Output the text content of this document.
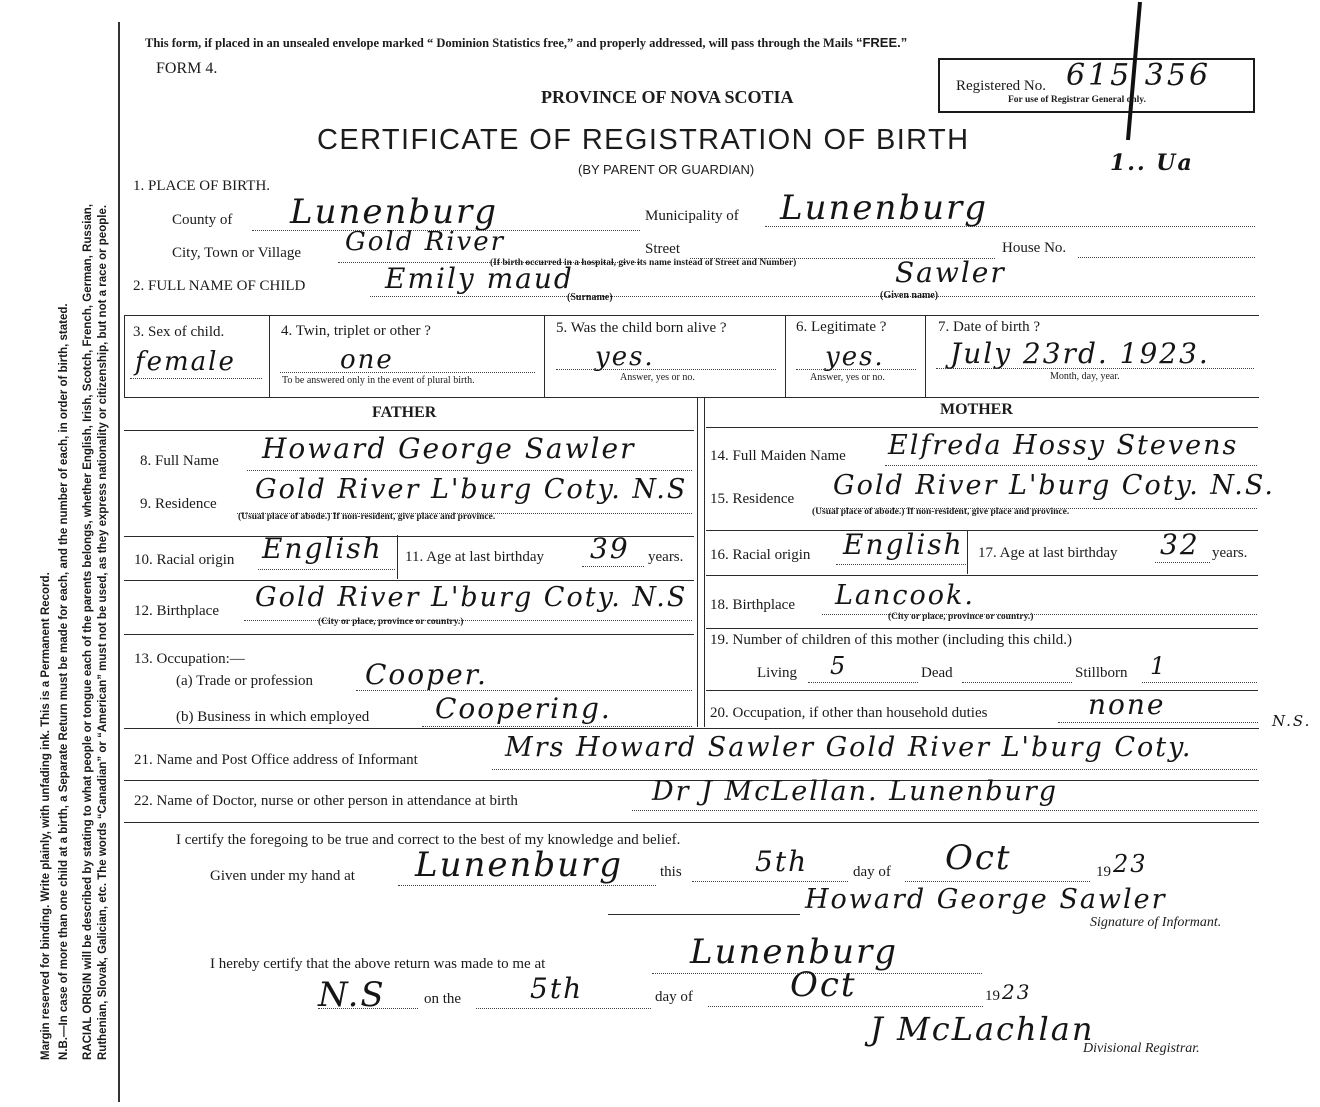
Margin reserved for binding. Write plainly, with unfading ink. This is a Permanent Record. N.B.—In case of more than one child at a birth, a Separate Return must be made for each, and the number of each, in order of birth, stated. RACIAL ORIGIN will be described by stating to what people or tongue each of the parents belongs, whether English, Irish, Scotch, French, German, Russian, Ruthenian, Slovak, Galician, etc. The words “Canadian” or “American” must not be used, as they express nationality or citizenship, but not a race or people.
This form, if placed in an unsealed envelope marked “ Dominion Statistics free,” and properly addressed, will pass through the Mails “FREE.”
FORM 4.
Registered No. 615 356
For use of Registrar General only.
1.. Ua
PROVINCE OF NOVA SCOTIA
CERTIFICATE OF REGISTRATION OF BIRTH
(BY PARENT OR GUARDIAN)
1. PLACE OF BIRTH.
County of Lunenburg	Municipality of Lunenburg
City, Town or Village Gold River	Street	House No.
(If birth occurred in a hospital, give its name instead of Street and Number)
2. FULL NAME OF CHILD	Emily maud	Sawler
(Surname)	(Given name)
3. Sex of child.
female
4. Twin, triplet or other ?
one
To be answered only in the event of plural birth.
5. Was the child born alive ?
yes.
Answer, yes or no.
6. Legitimate ?
yes.
Answer, yes or no.
7. Date of birth ?
July 23rd. 1923.
Month, day, year.
FATHER	MOTHER
8. Full Name Howard George Sawler
9. Residence Gold River L'burg Coty. N.S
(Usual place of abode.) If non-resident, give place and province.
10. Racial origin English 11. Age at last birthday 39 years.
12. Birthplace Gold River L'burg Coty. N.S
(City or place, province or country.)
13. Occupation:—
(a) Trade or profession Cooper.
(b) Business in which employed Coopering.
14. Full Maiden Name Elfreda Hossy Stevens
15. Residence Gold River L'burg Coty. N.S.
(Usual place of abode.) If non-resident, give place and province.
16. Racial origin English 17. Age at last birthday 32 years.
18. Birthplace Lancook.
(City or place, province or country.)
19. Number of children of this mother (including this child.)
Living 5	Dead	Stillborn 1
20. Occupation, if other than household duties	none
21. Name and Post Office address of Informant	Mrs Howard Sawler Gold River L'burg Coty.
N.S.
22. Name of Doctor, nurse or other person in attendance at birth	Dr J McLellan. Lunenburg
I certify the foregoing to be true and correct to the best of my knowledge and belief.
Given under my hand at Lunenburg this	5th	day of Oct	19 23
Howard George Sawler
Signature of Informant.
I hereby certify that the above return was made to me at	Lunenburg
N.S	on the 5th	day of	Oct	19 23
J McLachlan
Divisional Registrar.
